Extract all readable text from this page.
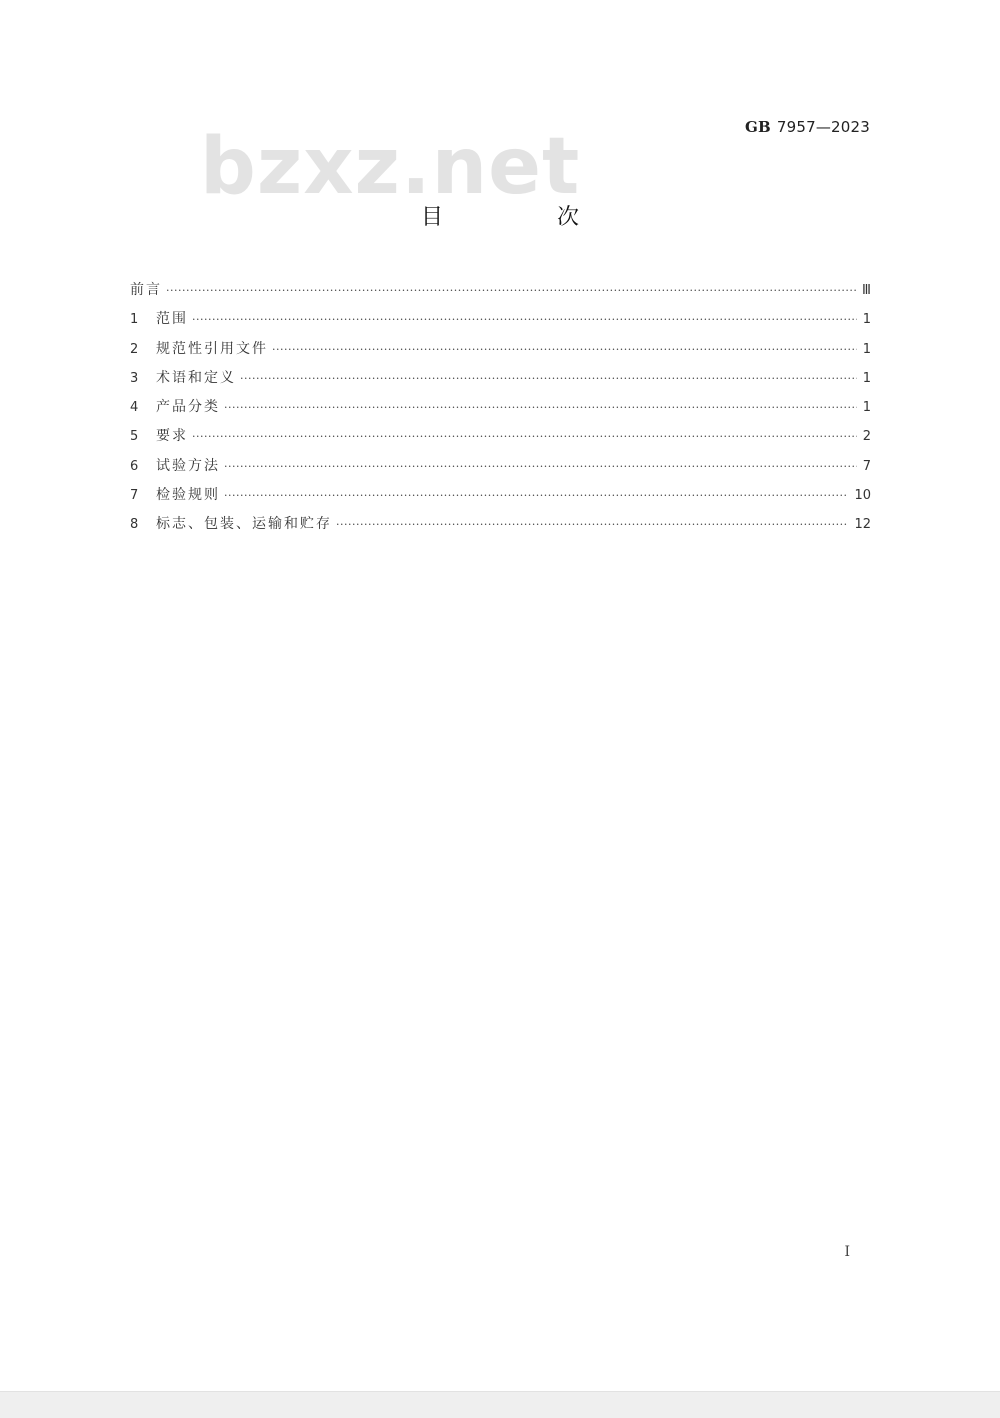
GB 7957—2023
bzxz.net
目　次
前言 ·····	Ⅲ
1	范围 ·····	1
2	规范性引用文件 ·····	1
3	术语和定义 ·····	1
4	产品分类 ·····	1
5	要求 ·····	2
6	试验方法 ·····	7
7	检验规则 ·····	10
8	标志、包装、运输和贮存 ·····	12
I
